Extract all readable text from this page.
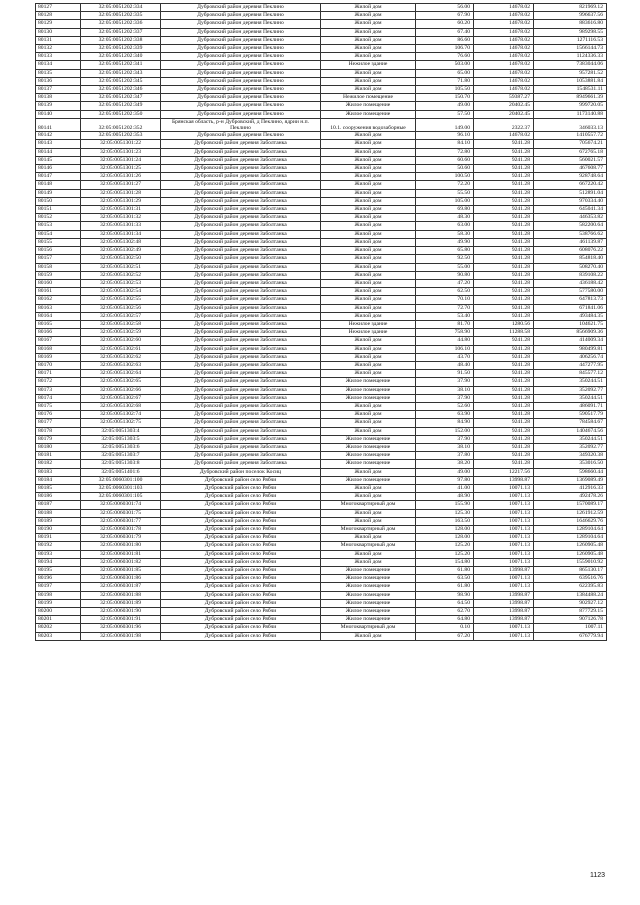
80127	32:05:0051202:334	Дубровский район деревня Пеклино	Жилой дом	56.00	14678.02	821969.12
80128	32:05:0051202:335	Дубровский район деревня Пеклино	Жилой дом	67.90	14678.02	996637.56
80129	32:05:0051202:336	Дубровский район деревня Пеклино	Жилой дом	60.20	14678.02	883616.80
80130	32:05:0051202:337	Дубровский район деревня Пеклино	Жилой дом	67.40	14678.02	989298.55
80131	32:05:0051202:338	Дубровский район деревня Пеклино	Жилой дом	86.60	14678.02	1271116.53
80132	32:05:0051202:339	Дубровский район деревня Пеклино	Жилой дом	106.70	14678.02	1566144.73
80133	32:05:0051202:340	Дубровский район деревня Пеклино	Жилой дом	76.60	14678.02	1124336.33
80134	32:05:0051202:341	Дубровский район деревня Пеклино	Нежилое здание	503.00	14678.02	7383044.06
80135	32:05:0051202:343	Дубровский район деревня Пеклино	Жилой дом	65.00	14678.02	957281.52
80136	32:05:0051202:345	Дубровский район деревня Пеклино	Жилой дом	71.80	14678.02	1053881.84
80137	32:05:0051202:346	Дубровский район деревня Пеклино	Жилой дом	105.50	14678.02	1548531.11
80138	32:05:0051202:347	Дубровский район деревня Пеклино	Нежилое помещение	150.70	59387.27	8949661.39
80139	32:05:0051202:349	Дубровский район деревня Пеклино	Жилое помещение	49.00	20402.45	999720.05
80140	32:05:0051202:350	Дубровский район деревня Пеклино	Жилое помещение	57.50	20402.45	1173140.88
80141	32:05:0051202:352	Брянская область, р-н Дубровский, д Пеклино, ядрии н.п. Пеклино	10.1. сооружения водозаборные	149.00	2322.37	346033.13
80142	32:05:0051202:353	Дубровский район деревня Пеклино	Жилой дом	96.10	14678.02	1410557.72
80143	32:05:0051301:22	Дубровский район деревня Заболтанка	Жилой дом	84.10	9241.28	705674.21
80144	32:05:0051301:23	Дубровский район деревня Заболтанка	Жилой дом	72.80	9241.28	672765.18
80145	32:05:0051301:24	Дубровский район деревня Заболтанка	Жилой дом	60.60	9241.28	560021.57
80146	32:05:0051301:25	Дубровский район деревня Заболтанка	Жилой дом	50.60	9241.28	467608.77
80147	32:05:0051301:26	Дубровский район деревня Заболтанка	Жилой дом	100.50	9241.28	928748.64
80148	32:05:0051301:27	Дубровский район деревня Заболтанка	Жилой дом	72.20	9241.28	667220.42
80149	32:05:0051301:28	Дубровский район деревня Заболтанка	Жилой дом	55.50	9241.28	512891.04
80150	32:05:0051301:29	Дубровский район деревня Заболтанка	Жилой дом	105.00	9241.28	970334.40
80151	32:05:0051301:31	Дубровский район деревня Заболтанка	Жилой дом	69.80	9241.28	645041.34
80152	32:05:0051301:32	Дубровский район деревня Заболтанка	Жилой дом	48.30	9241.28	446353.82
80153	32:05:0051301:33	Дубровский район деревня Заболтанка	Жилой дом	63.00	9241.28	582200.64
80154	32:05:0051301:34	Дубровский район деревня Заболтанка	Жилой дом	58.30	9241.28	538766.62
80155	32:05:0051302:48	Дубровский район деревня Заболтанка	Жилой дом	49.90	9241.28	461139.87
80156	32:05:0051302:49	Дубровский район деревня Заболтанка	Жилой дом	65.80	9241.28	608076.22
80157	32:05:0051302:50	Дубровский район деревня Заболтанка	Жилой дом	92.50	9241.28	854818.40
80158	32:05:0051302:51	Дубровский район деревня Заболтанка	Жилой дом	55.00	9241.28	508270.40
80159	32:05:0051302:52	Дубровский район деревня Заболтанка	Жилой дом	90.80	9241.28	839108.22
80160	32:05:0051302:53	Дубровский район деревня Заболтанка	Жилой дом	47.20	9241.28	436188.42
80161	32:05:0051302:54	Дубровский район деревня Заболтанка	Жилой дом	62.50	9241.28	577580.00
80162	32:05:0051302:55	Дубровский район деревня Заболтанка	Жилой дом	70.10	9241.28	647813.73
80163	32:05:0051302:56	Дубровский район деревня Заболтанка	Жилой дом	72.70	9241.28	671841.06
80164	32:05:0051302:57	Дубровский район деревня Заболтанка	Жилой дом	53.40	9241.28	493484.35
80165	32:05:0051302:58	Дубровский район деревня Заболтанка	Нежилое здание	81.70	1280.56	104621.75
80166	32:05:0051302:59	Дубровский район деревня Заболтанка	Нежилое здание	758.90	11288.58	8566909.36
80167	32:05:0051302:60	Дубровский район деревня Заболтанка	Жилой дом	44.80	9241.28	414009.34
80168	32:05:0051302:61	Дубровский район деревня Заболтанка	Жилой дом	106.10	9241.28	980499.81
80169	32:05:0051302:62	Дубровский район деревня Заболтанка	Жилой дом	43.70	9241.28	406256.74
80170	32:05:0051302:63	Дубровский район деревня Заболтанка	Жилой дом	48.40	9241.28	447277.95
80171	32:05:0051302:64	Дубровский район деревня Заболтанка	Жилой дом	91.50	9241.28	845577.12
80172	32:05:0051302:65	Дубровский район деревня Заболтанка	Жилое помещение	37.90	9241.28	350244.51
80173	32:05:0051302:66	Дубровский район деревня Заболтанка	Жилое помещение	38.10	9241.28	352092.77
80174	32:05:0051302:67	Дубровский район деревня Заболтанка	Жилое помещение	37.90	9241.28	350244.51
80175	32:05:0051302:68	Дубровский район деревня Заболтанка	Жилой дом	52.60	9241.28	486091.71
80176	32:05:0051302:74	Дубровский район деревня Заболтанка	Жилой дом	63.90	9241.28	590517.79
80177	32:05:0051302:75	Дубровский район деревня Заболтанка	Жилой дом	84.90	9241.28	784584.67
80178	32:05:0051303:4	Дубровский район деревня Заболтанка	Жилой дом	152.00	9241.28	1404674.56
80179	32:05:0051303:5	Дубровский район деревня Заболтанка	Жилое помещение	37.90	9241.28	350244.51
80180	32:05:0051303:6	Дубровский район деревня Заболтанка	Жилое помещение	38.10	9241.28	352092.77
80181	32:05:0051303:7	Дубровский район деревня Заболтанка	Жилое помещение	37.80	9241.28	349320.38
80182	32:05:0051303:8	Дубровский район деревня Заболтанка	Жилое помещение	38.20	9241.28	353016.50
80183	32:05:0051401:6	Дубровский район поселок Косиц	Жилой дом	49.00	12217.56	598660.44
80184	32:05:0060301:100	Дубровский район село Рябчи	Жилое помещение	97.80	13998.87	1369089.49
80185	32:05:0060301:103	Дубровский район село Рябчи	Жилой дом	41.00	10071.13	412916.33
80186	32:05:0060301:105	Дубровский район село Рябчи	Жилой дом	48.90	10071.13	492478.26
80187	32:05:0060301:74	Дубровский район село Рябчи	Многоквартирный дом	155.90	10071.13	1570089.17
80188	32:05:0060301:75	Дубровский район село Рябчи	Жилой дом	125.30	10071.13	1261912.59
80189	32:05:0060301:77	Дубровский район село Рябчи	Жилой дом	163.50	10071.13	1646629.76
80190	32:05:0060301:78	Дубровский район село Рябчи	Многоквартирный дом	128.00	10071.13	1289104.64
80191	32:05:0060301:79	Дубровский район село Рябчи	Жилой дом	128.00	10071.13	1289104.64
80192	32:05:0060301:80	Дубровский район село Рябчи	Многоквартирный дом	125.20	10071.13	1260905.48
80193	32:05:0060301:81	Дубровский район село Рябчи	Жилой дом	125.20	10071.13	1260905.48
80194	32:05:0060301:82	Дубровский район село Рябчи	Жилой дом	154.80	10071.13	1559010.92
80195	32:05:0060301:85	Дубровский район село Рябчи	Жилое помещение	61.80	13998.87	865130.17
80196	32:05:0060301:86	Дубровский район село Рябчи	Жилое помещение	63.50	10071.13	639516.76
80197	32:05:0060301:87	Дубровский район село Рябчи	Жилое помещение	61.80	10071.13	622395.83
80198	32:05:0060301:88	Дубровский район село Рябчи	Жилое помещение	98.90	13998.87	1384488.24
80199	32:05:0060301:89	Дубровский район село Рябчи	Жилое помещение	64.50	13998.87	902927.12
80200	32:05:0060301:90	Дубровский район село Рябчи	Жилое помещение	62.70	13998.87	877729.15
80201	32:05:0060301:91	Дубровский район село Рябчи	Жилое помещение	64.80	13998.87	907126.78
80202	32:05:0060301:96	Дубровский район село Рябчи	Многоквартирный дом	0.10	10071.13	1007.11
80203	32:05:0060301:98	Дубровский район село Рябчи	Жилой дом	67.20	10071.13	676779.94
1123
